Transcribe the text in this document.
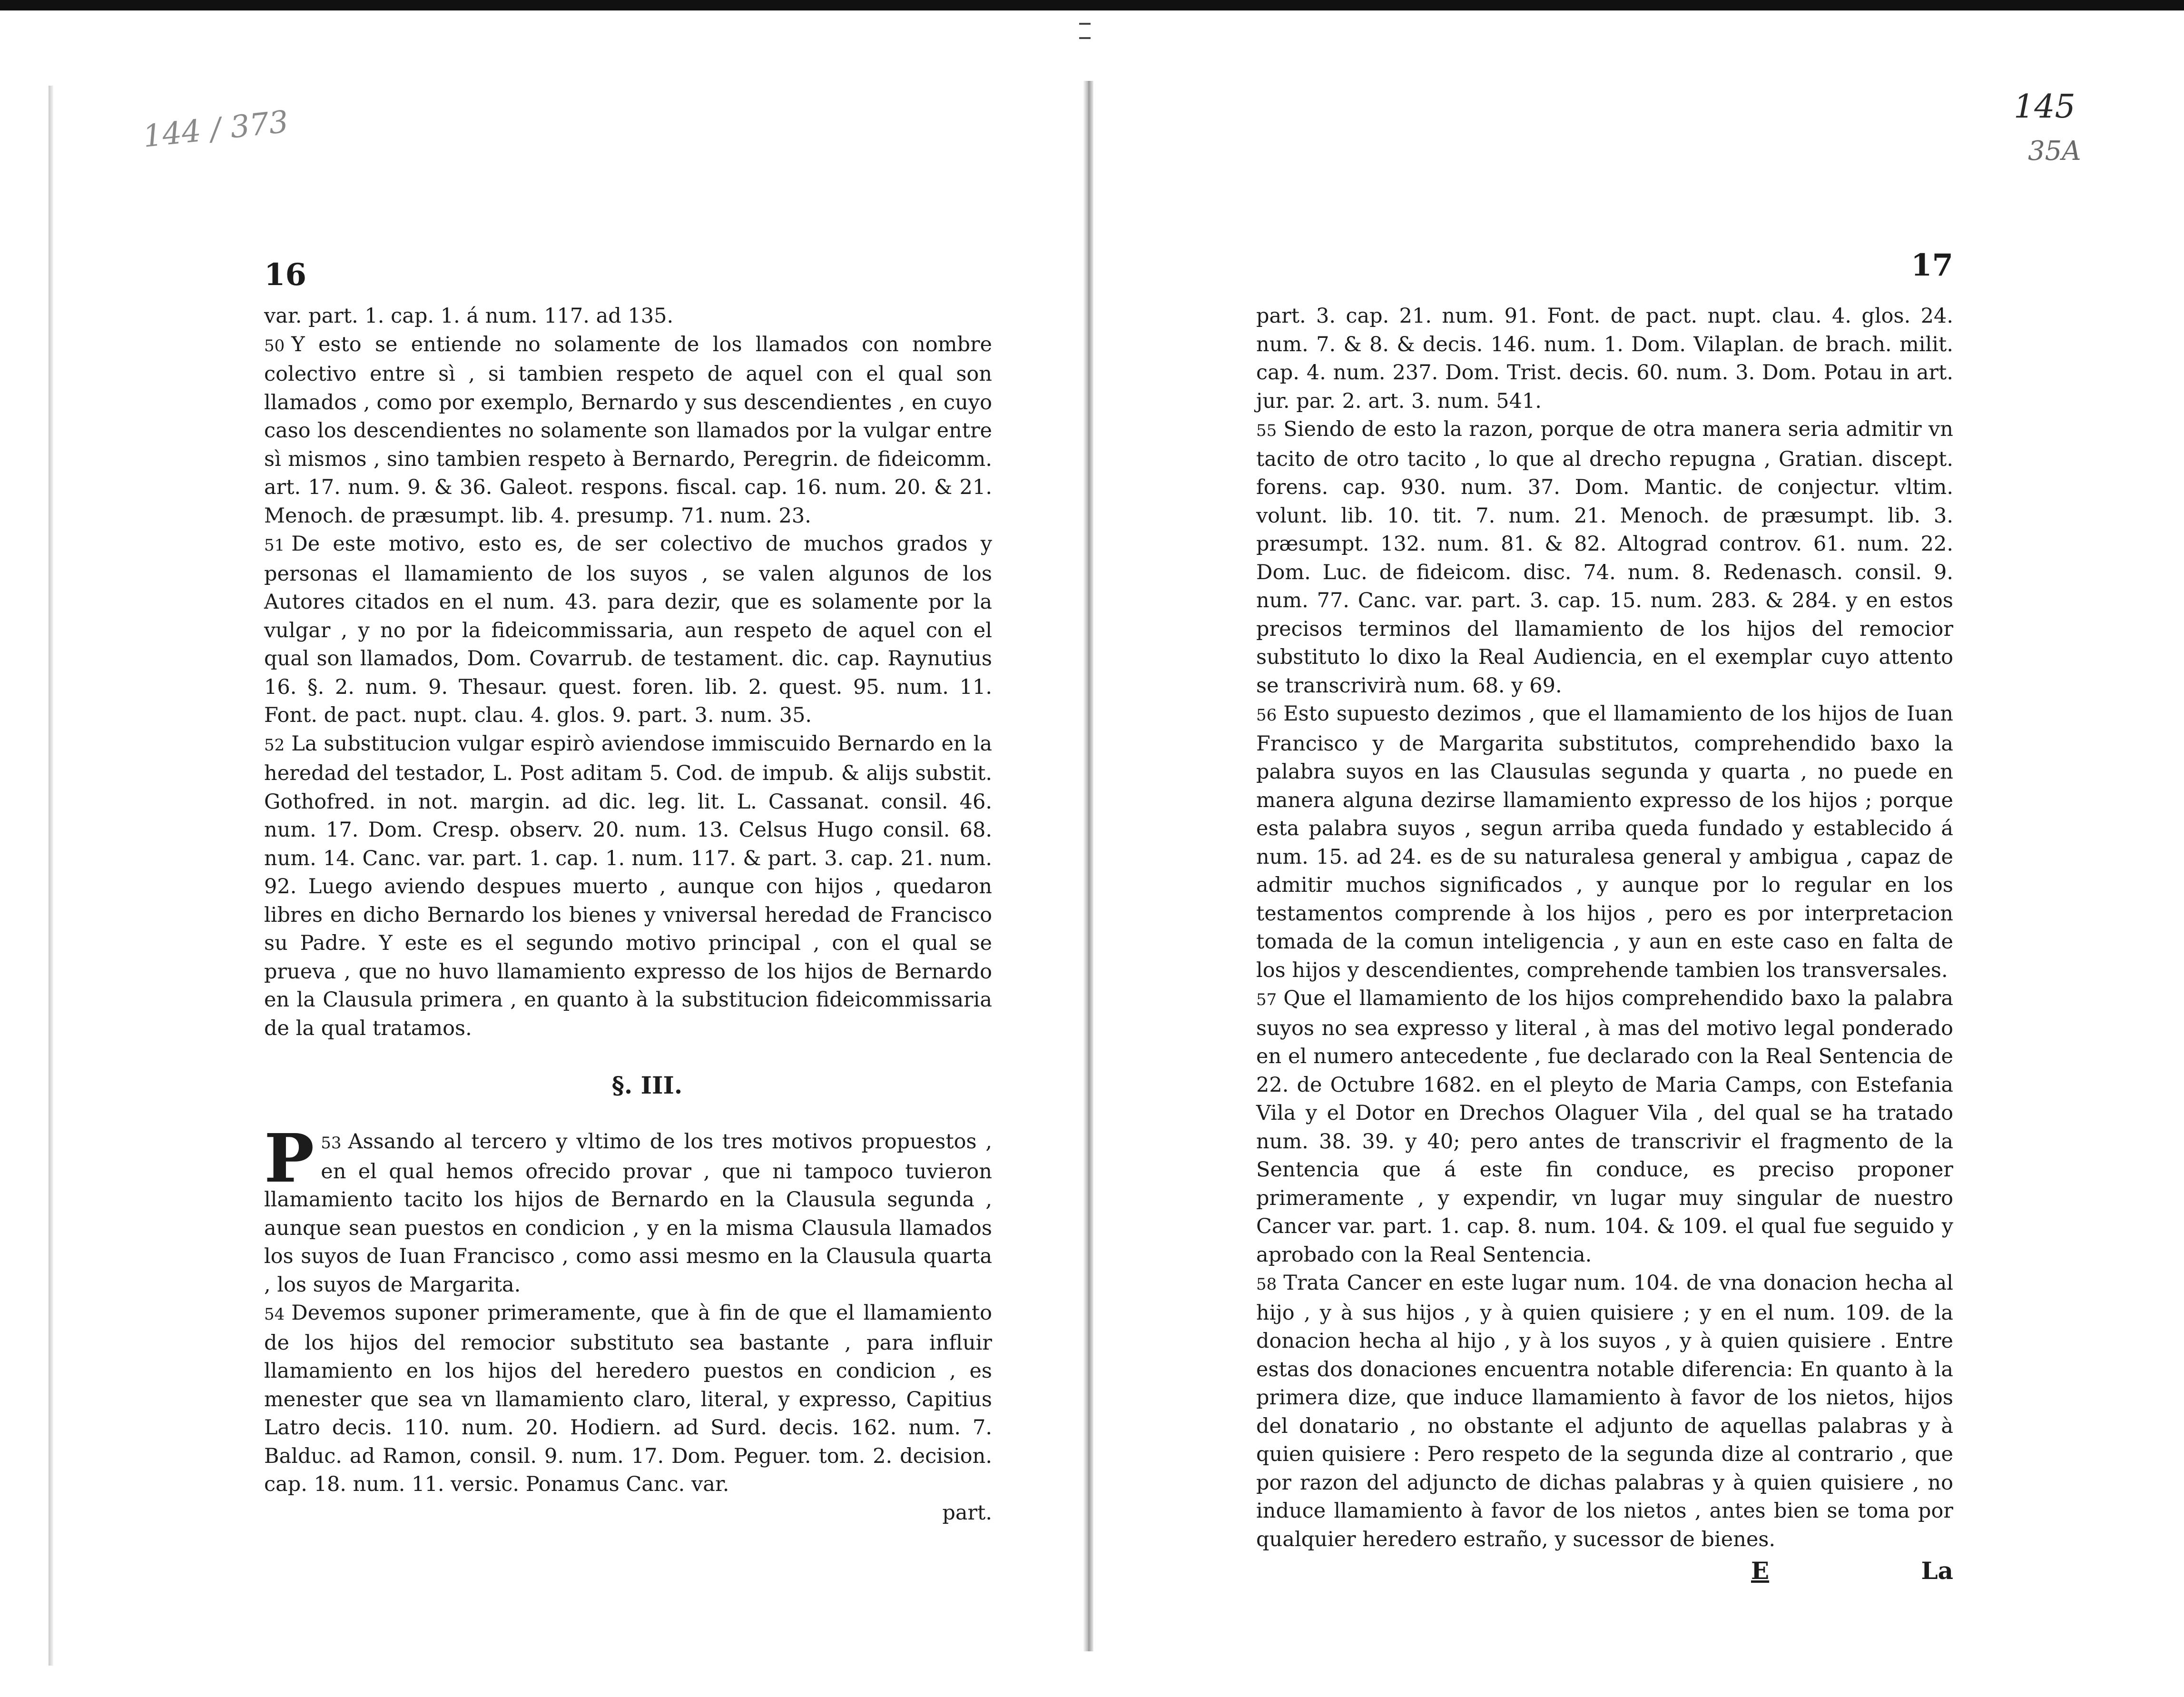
144 / 373	145
35A
16

var. part. 1. cap. 1. á num. 117. ad 135.

50 Y esto se entiende no solamente de los llamados con nombre colectivo entre sì , si tambien respeto de aquel con el qual son llamados , como por exemplo, Bernardo y sus descendientes , en cuyo caso los descendientes no solamente son llamados por la vulgar entre sì mismos , sino tambien respeto à Bernardo, Peregrin. de fideicomm. art. 17. num. 9. & 36. Galeot. respons. fiscal. cap. 16. num. 20. & 21. Menoch. de præsumpt. lib. 4. presump. 71. num. 23.

51 De este motivo, esto es, de ser colectivo de muchos grados y personas el llamamiento de los suyos , se valen algunos de los Autores citados en el num. 43. para dezir, que es solamente por la vulgar , y no por la fideicommissaria, aun respeto de aquel con el qual son llamados, Dom. Covarrub. de testament. dic. cap. Raynutius 16. §. 2. num. 9. Thesaur. quest. foren. lib. 2. quest. 95. num. 11. Font. de pact. nupt. clau. 4. glos. 9. part. 3. num. 35.

52 La substitucion vulgar espirò aviendose immiscuido Bernardo en la heredad del testador, L. Post aditam 5. Cod. de impub. & alijs substit. Gothofred. in not. margin. ad dic. leg. lit. L. Cassanat. consil. 46. num. 17. Dom. Cresp. observ. 20. num. 13. Celsus Hugo consil. 68. num. 14. Canc. var. part. 1. cap. 1. num. 117. & part. 3. cap. 21. num. 92. Luego aviendo despues muerto , aunque con hijos , quedaron libres en dicho Bernardo los bienes y vniversal heredad de Francisco su Padre. Y este es el segundo motivo principal , con el qual se prueva , que no huvo llamamiento expresso de los hijos de Bernardo en la Clausula primera , en quanto à la substitucion fideicommissaria de la qual tratamos.

§. III.

53
P Assando al tercero y vltimo de los tres motivos propuestos , en el qual hemos ofrecido provar , que ni tampoco tuvieron llamamiento tacito los hijos de Bernardo en la Clausula segunda , aunque sean puestos en condicion , y en la misma Clausula llamados los suyos de Iuan Francisco , como assi mesmo en la Clausula quarta , los suyos de Margarita.

54 Devemos suponer primeramente, que à fin de que el llamamiento de los hijos del remocior substituto sea bastante , para influir llamamiento en los hijos del heredero puestos en condicion , es menester que sea vn llamamiento claro, literal, y expresso, Capitius Latro decis. 110. num. 20. Hodiern. ad Surd. decis. 162. num. 7. Balduc. ad Ramon, consil. 9. num. 17. Dom. Peguer. tom. 2. decision. cap. 18. num. 11. versic. Ponamus Canc. var.

part.

17

part. 3. cap. 21. num. 91. Font. de pact. nupt. clau. 4. glos. 24. num. 7. & 8. & decis. 146. num. 1. Dom. Vilaplan. de brach. milit. cap. 4. num. 237. Dom. Trist. decis. 60. num. 3. Dom. Potau in art. jur. par. 2. art. 3. num. 541.

55 Siendo de esto la razon, porque de otra manera seria admitir vn tacito de otro tacito , lo que al drecho repugna , Gratian. discept. forens. cap. 930. num. 37. Dom. Mantic. de conjectur. vltim. volunt. lib. 10. tit. 7. num. 21. Menoch. de præsumpt. lib. 3. præsumpt. 132. num. 81. & 82. Altograd controv. 61. num. 22. Dom. Luc. de fideicom. disc. 74. num. 8. Redenasch. consil. 9. num. 77. Canc. var. part. 3. cap. 15. num. 283. & 284. y en estos precisos terminos del llamamiento de los hijos del remocior substituto lo dixo la Real Audiencia, en el exemplar cuyo attento se transcrivirà num. 68. y 69.

56 Esto supuesto dezimos , que el llamamiento de los hijos de Iuan Francisco y de Margarita substitutos, comprehendido baxo la palabra suyos en las Clausulas segunda y quarta , no puede en manera alguna dezirse llamamiento expresso de los hijos ; porque esta palabra suyos , segun arriba queda fundado y establecido á num. 15. ad 24. es de su naturalesa general y ambigua , capaz de admitir muchos significados , y aunque por lo regular en los testamentos comprende à los hijos , pero es por interpretacion tomada de la comun inteligencia , y aun en este caso en falta de los hijos y descendientes, comprehende tambien los transversales.

57 Que el llamamiento de los hijos comprehendido baxo la palabra suyos no sea expresso y literal , à mas del motivo legal ponderado en el numero antecedente , fue declarado con la Real Sentencia de 22. de Octubre 1682. en el pleyto de Maria Camps, con Estefania Vila y el Dotor en Drechos Olaguer Vila , del qual se ha tratado num. 38. 39. y 40; pero antes de transcrivir el fragmento de la Sentencia que á este fin conduce, es preciso proponer primeramente , y expendir, vn lugar muy singular de nuestro Cancer var. part. 1. cap. 8. num. 104. & 109. el qual fue seguido y aprobado con la Real Sentencia.

58 Trata Cancer en este lugar num. 104. de vna donacion hecha al hijo , y à sus hijos , y à quien quisiere ; y en el num. 109. de la donacion hecha al hijo , y à los suyos , y à quien quisiere . Entre estas dos donaciones encuentra notable diferencia: En quanto à la primera dize, que induce llamamiento à favor de los nietos, hijos del donatario , no obstante el adjunto de aquellas palabras y à quien quisiere : Pero respeto de la segunda dize al contrario , que por razon del adjuncto de dichas palabras y à quien quisiere , no induce llamamiento à favor de los nietos , antes bien se toma por qualquier heredero estraño, y sucessor de bienes.

E	La
